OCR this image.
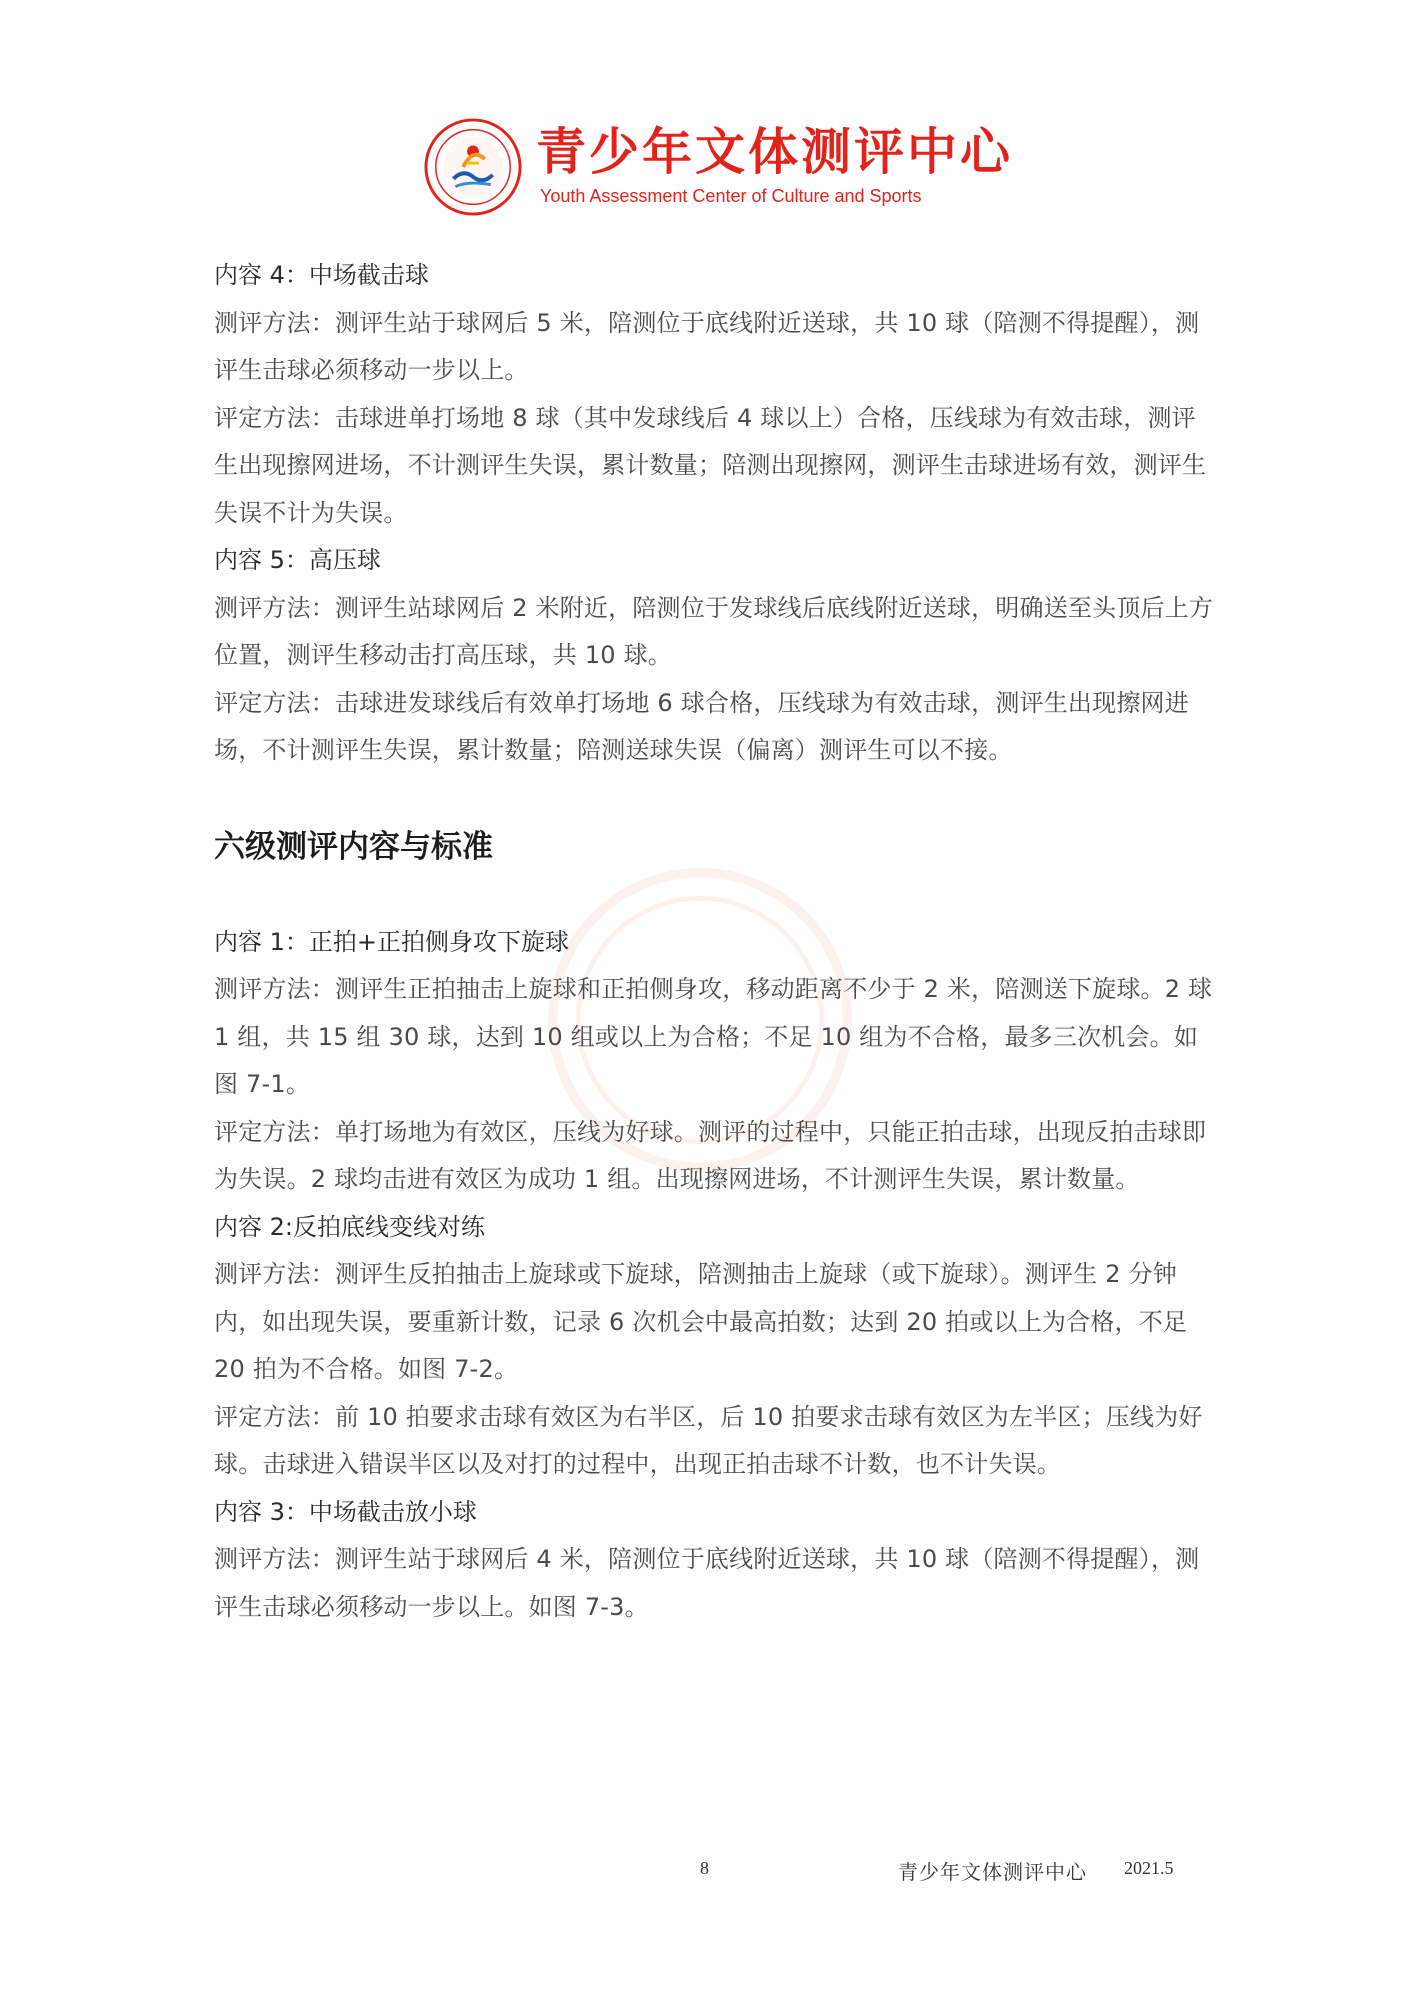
青少年文体测评中心
Youth Assessment Center of Culture and Sports

内容 4：中场截击球

测评方法：测评生站于球网后 5 米，陪测位于底线附近送球，共 10 球（陪测不得提醒），测评生击球必须移动一步以上。

评定方法：击球进单打场地 8 球（其中发球线后 4 球以上）合格，压线球为有效击球，测评生出现擦网进场，不计测评生失误，累计数量；陪测出现擦网，测评生击球进场有效，测评生失误不计为失误。

内容 5：高压球

测评方法：测评生站球网后 2 米附近，陪测位于发球线后底线附近送球，明确送至头顶后上方位置，测评生移动击打高压球，共 10 球。

评定方法：击球进发球线后有效单打场地 6 球合格，压线球为有效击球，测评生出现擦网进场，不计测评生失误，累计数量；陪测送球失误（偏离）测评生可以不接。

六级测评内容与标准

内容 1：正拍+正拍侧身攻下旋球

测评方法：测评生正拍抽击上旋球和正拍侧身攻，移动距离不少于 2 米，陪测送下旋球。2 球 1 组，共 15 组 30 球，达到 10 组或以上为合格；不足 10 组为不合格，最多三次机会。如图 7-1。

评定方法：单打场地为有效区，压线为好球。测评的过程中，只能正拍击球，出现反拍击球即为失误。2 球均击进有效区为成功 1 组。出现擦网进场，不计测评生失误，累计数量。

内容 2:反拍底线变线对练

测评方法：测评生反拍抽击上旋球或下旋球，陪测抽击上旋球（或下旋球）。测评生 2 分钟内，如出现失误，要重新计数，记录 6 次机会中最高拍数；达到 20 拍或以上为合格，不足 20 拍为不合格。如图 7-2。

评定方法：前 10 拍要求击球有效区为右半区，后 10 拍要求击球有效区为左半区；压线为好球。击球进入错误半区以及对打的过程中，出现正拍击球不计数，也不计失误。

内容 3：中场截击放小球

测评方法：测评生站于球网后 4 米，陪测位于底线附近送球，共 10 球（陪测不得提醒），测评生击球必须移动一步以上。如图 7-3。

8	青少年文体测评中心 2021.5
